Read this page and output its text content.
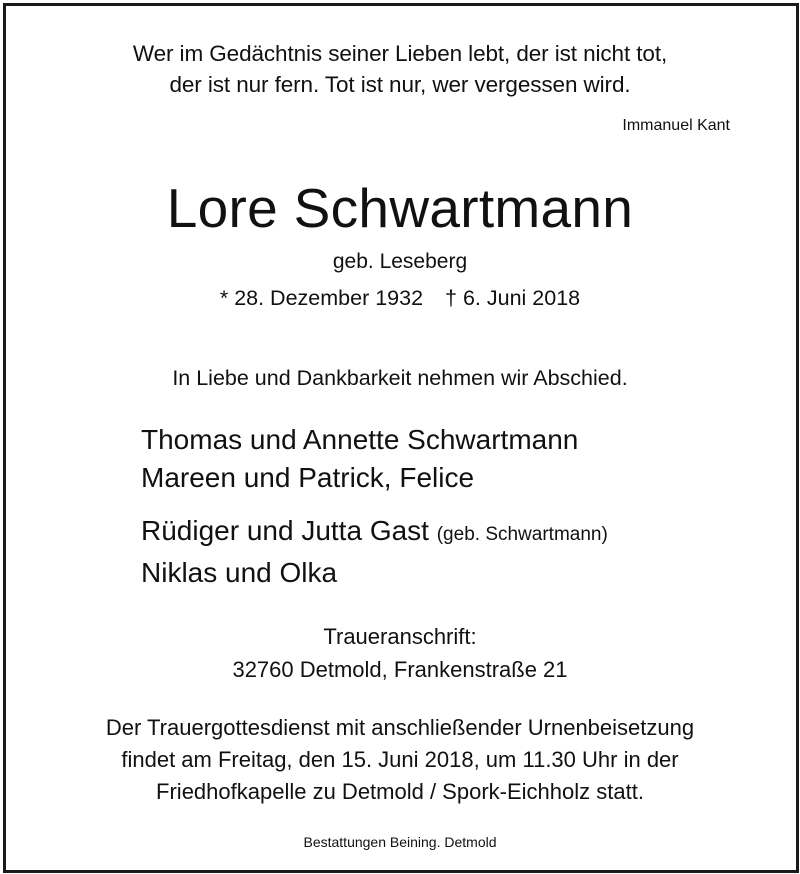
Wer im Gedächtnis seiner Lieben lebt, der ist nicht tot,
der ist nur fern. Tot ist nur, wer vergessen wird.
Immanuel Kant
Lore Schwartmann
geb. Leseberg
* 28. Dezember 1932 † 6. Juni 2018
In Liebe und Dankbarkeit nehmen wir Abschied.
Thomas und Annette Schwartmann
Mareen und Patrick, Felice
Rüdiger und Jutta Gast (geb. Schwartmann)
Niklas und Olka
Traueranschrift:
32760 Detmold, Frankenstraße 21
Der Trauergottesdienst mit anschließender Urnenbeisetzung
findet am Freitag, den 15. Juni 2018, um 11.30 Uhr in der
Friedhofkapelle zu Detmold / Spork-Eichholz statt.
Bestattungen Beining. Detmold
